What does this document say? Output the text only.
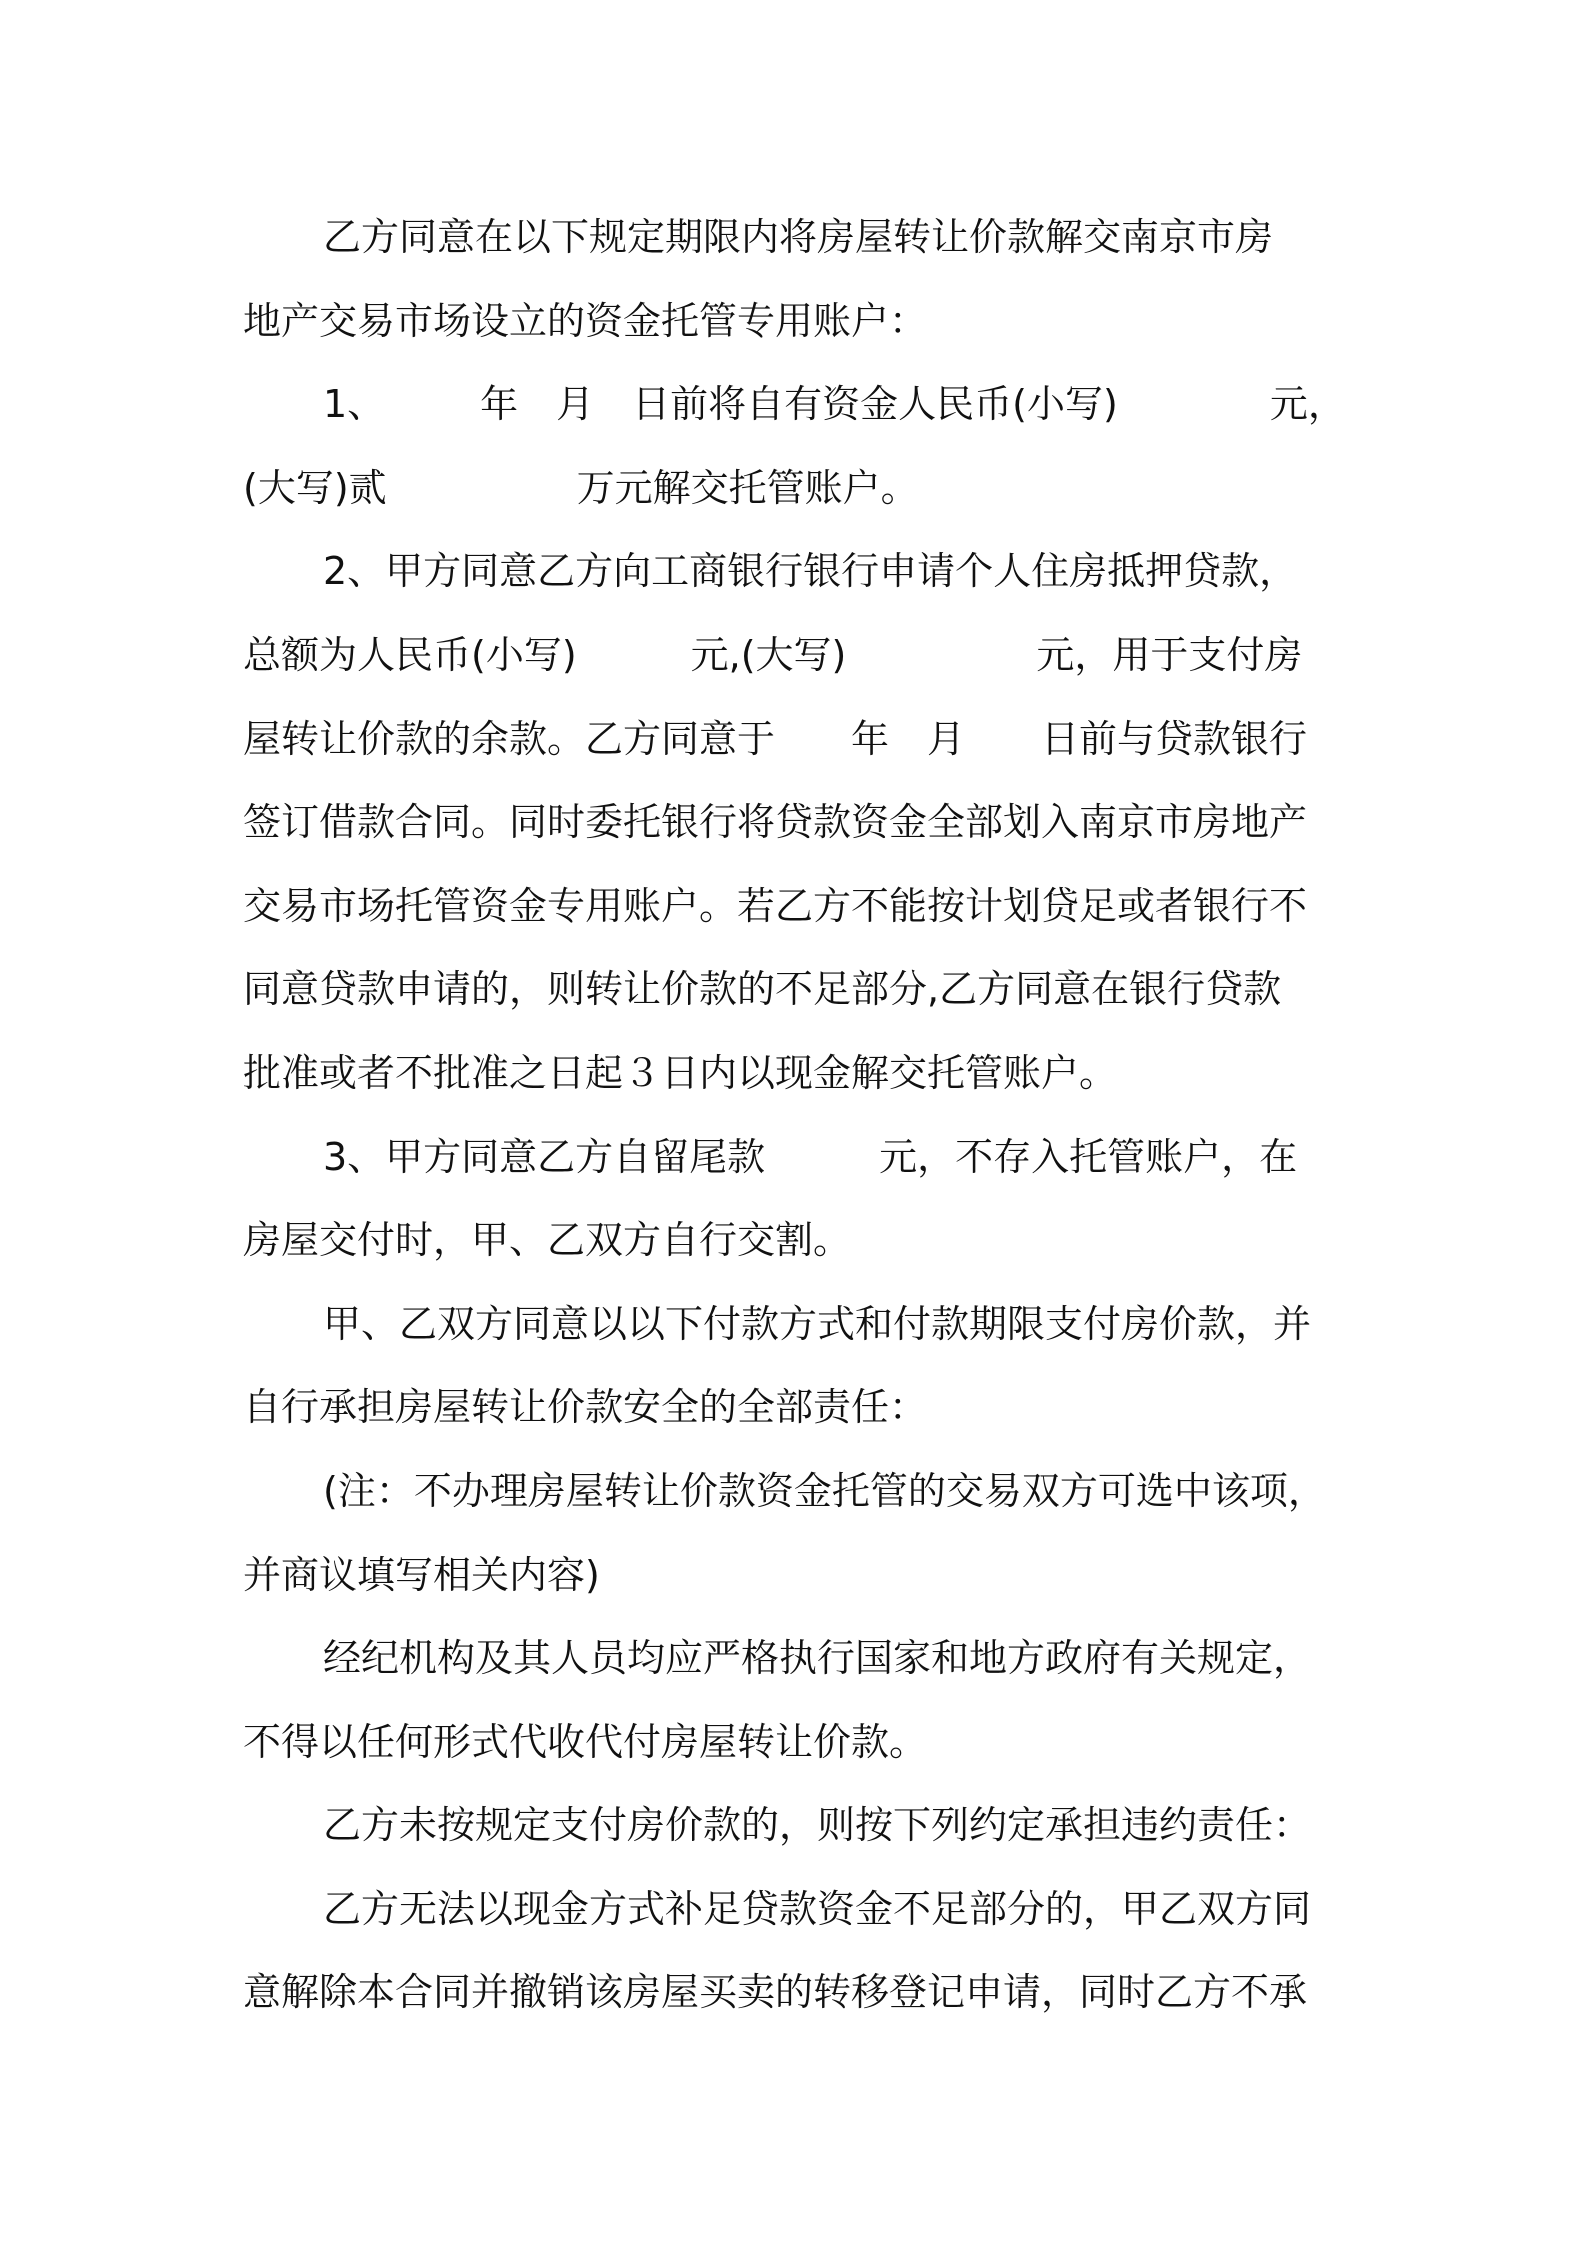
乙方同意在以下规定期限内将房屋转让价款解交南京市房
地产交易市场设立的资金托管专用账户：
1、　　　年　月　日前将自有资金人民币(小写)　　　　元，
(大写)贰　　　　　万元解交托管账户。
2、甲方同意乙方向工商银行银行申请个人住房抵押贷款，
总额为人民币(小写)　　　元,(大写)　　　　　元，用于支付房
屋转让价款的余款。乙方同意于　　年　月　　日前与贷款银行
签订借款合同。同时委托银行将贷款资金全部划入南京市房地产
交易市场托管资金专用账户。若乙方不能按计划贷足或者银行不
同意贷款申请的，则转让价款的不足部分,乙方同意在银行贷款
批准或者不批准之日起３日内以现金解交托管账户。
3、甲方同意乙方自留尾款　　　元，不存入托管账户，在
房屋交付时，甲、乙双方自行交割。
甲、乙双方同意以以下付款方式和付款期限支付房价款，并
自行承担房屋转让价款安全的全部责任：
(注：不办理房屋转让价款资金托管的交易双方可选中该项，
并商议填写相关内容)
经纪机构及其人员均应严格执行国家和地方政府有关规定，
不得以任何形式代收代付房屋转让价款。
乙方未按规定支付房价款的，则按下列约定承担违约责任：
乙方无法以现金方式补足贷款资金不足部分的，甲乙双方同
意解除本合同并撤销该房屋买卖的转移登记申请，同时乙方不承
